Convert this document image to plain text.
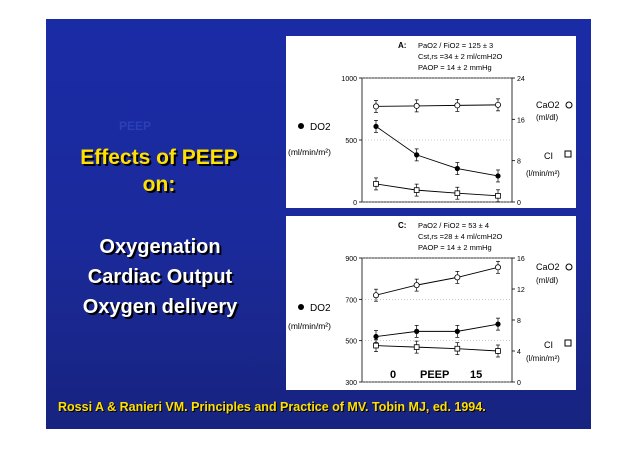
PEEP
Effects of PEEP
on:
Oxygenation
Cardiac Output
Oxygen delivery
Rossi A & Ranieri VM. Principles and Practice of MV. Tobin MJ, ed. 1994.
A: PaO2 / FiO2 = 125 ± 3
Cst,rs =34 ± 2 ml/cmH2O
PAOP = 14 ± 2 mmHg
DO2
(ml/min/m²)
CaO2
(ml/dl)
CI
(l/min/m²)
0
500
1000
0
8
16
24
C: PaO2 / FiO2 = 53 ± 4
Cst,rs =28 ± 4 ml/cmH2O
PAOP = 14 ± 2 mmHg
DO2
(ml/min/m²)
CaO2
(ml/dl)
CI
(l/min/m²)
0 PEEP 15
300
500
700
900
0
4
8
12
16
